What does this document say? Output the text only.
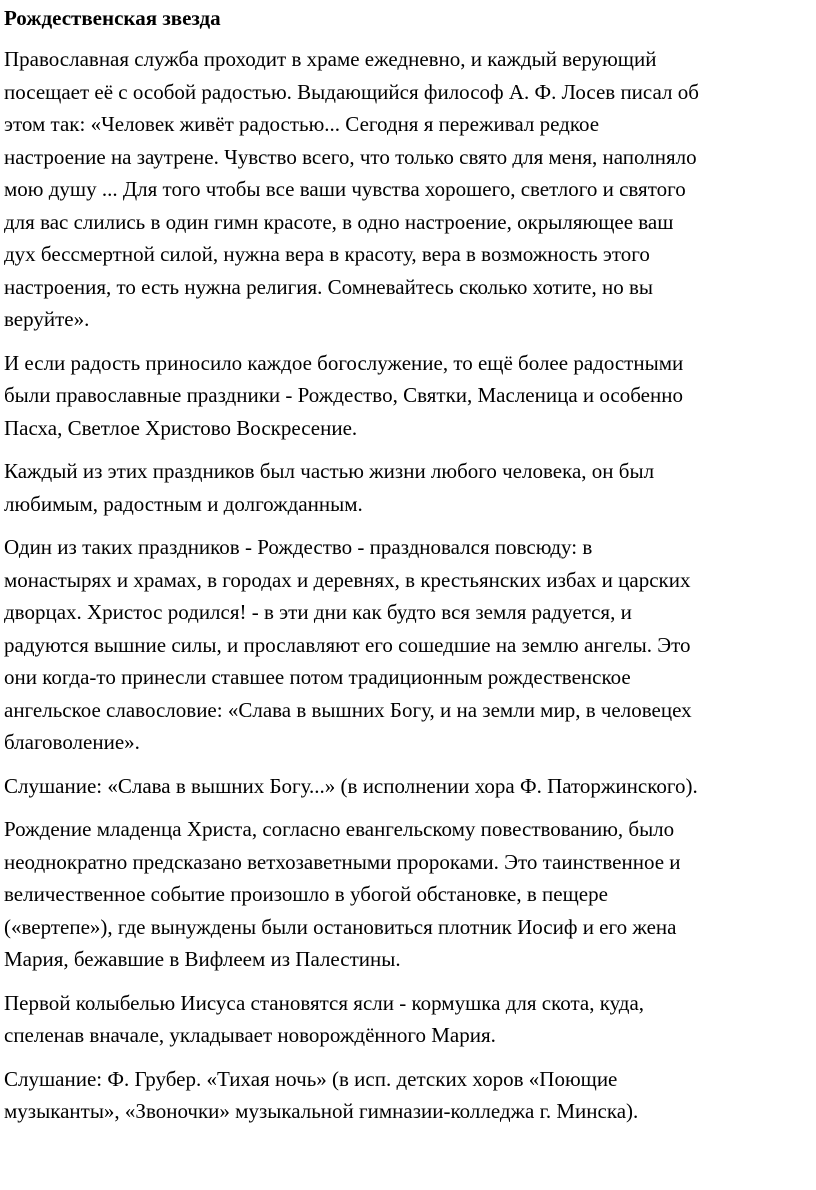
Рождественская звезда
Православная служба проходит в храме ежедневно, и каждый верующий
посещает её с особой радостью. Выдающийся философ А. Ф. Лосев писал об
этом так: «Человек живёт радостью... Сегодня я переживал редкое
настроение на заутрене. Чувство всего, что только свято для меня, наполняло
мою душу ... Для того чтобы все ваши чувства хорошего, светлого и святого
для вас слились в один гимн красоте, в одно настроение, окрыляющее ваш
дух бессмертной силой, нужна вера в красоту, вера в возможность этого
настроения, то есть нужна религия. Сомневайтесь сколько хотите, но вы
веруйте».
И если радость приносило каждое богослужение, то ещё более радостными
были православные праздники - Рождество, Святки, Масленица и особенно
Пасха, Светлое Христово Воскресение.
Каждый из этих праздников был частью жизни любого человека, он был
любимым, радостным и долгожданным.
Один из таких праздников - Рождество - праздновался повсюду: в
монастырях и храмах, в городах и деревнях, в крестьянских избах и царских
дворцах. Христос родился! - в эти дни как будто вся земля радуется, и
радуются вышние силы, и прославляют его сошедшие на землю ангелы. Это
они когда-то принесли ставшее потом традиционным рождественское
ангельское славословие: «Слава в вышних Богу, и на земли мир, в человецех
благоволение».
Слушание: «Слава в вышних Богу...» (в исполнении хора Ф. Паторжинского).
Рождение младенца Христа, согласно евангельскому повествованию, было
неоднократно предсказано ветхозаветными пророками. Это таинственное и
величественное событие произошло в убогой обстановке, в пещере
(«вертепе»), где вынуждены были остановиться плотник Иосиф и его жена
Мария, бежавшие в Вифлеем из Палестины.
Первой колыбелью Иисуса становятся ясли - кормушка для скота, куда,
спеленав вначале, укладывает новорождённого Мария.
Слушание: Ф. Грубер. «Тихая ночь» (в исп. детских хоров «Поющие
музыканты», «Звоночки» музыкальной гимназии-колледжа г. Минска).
